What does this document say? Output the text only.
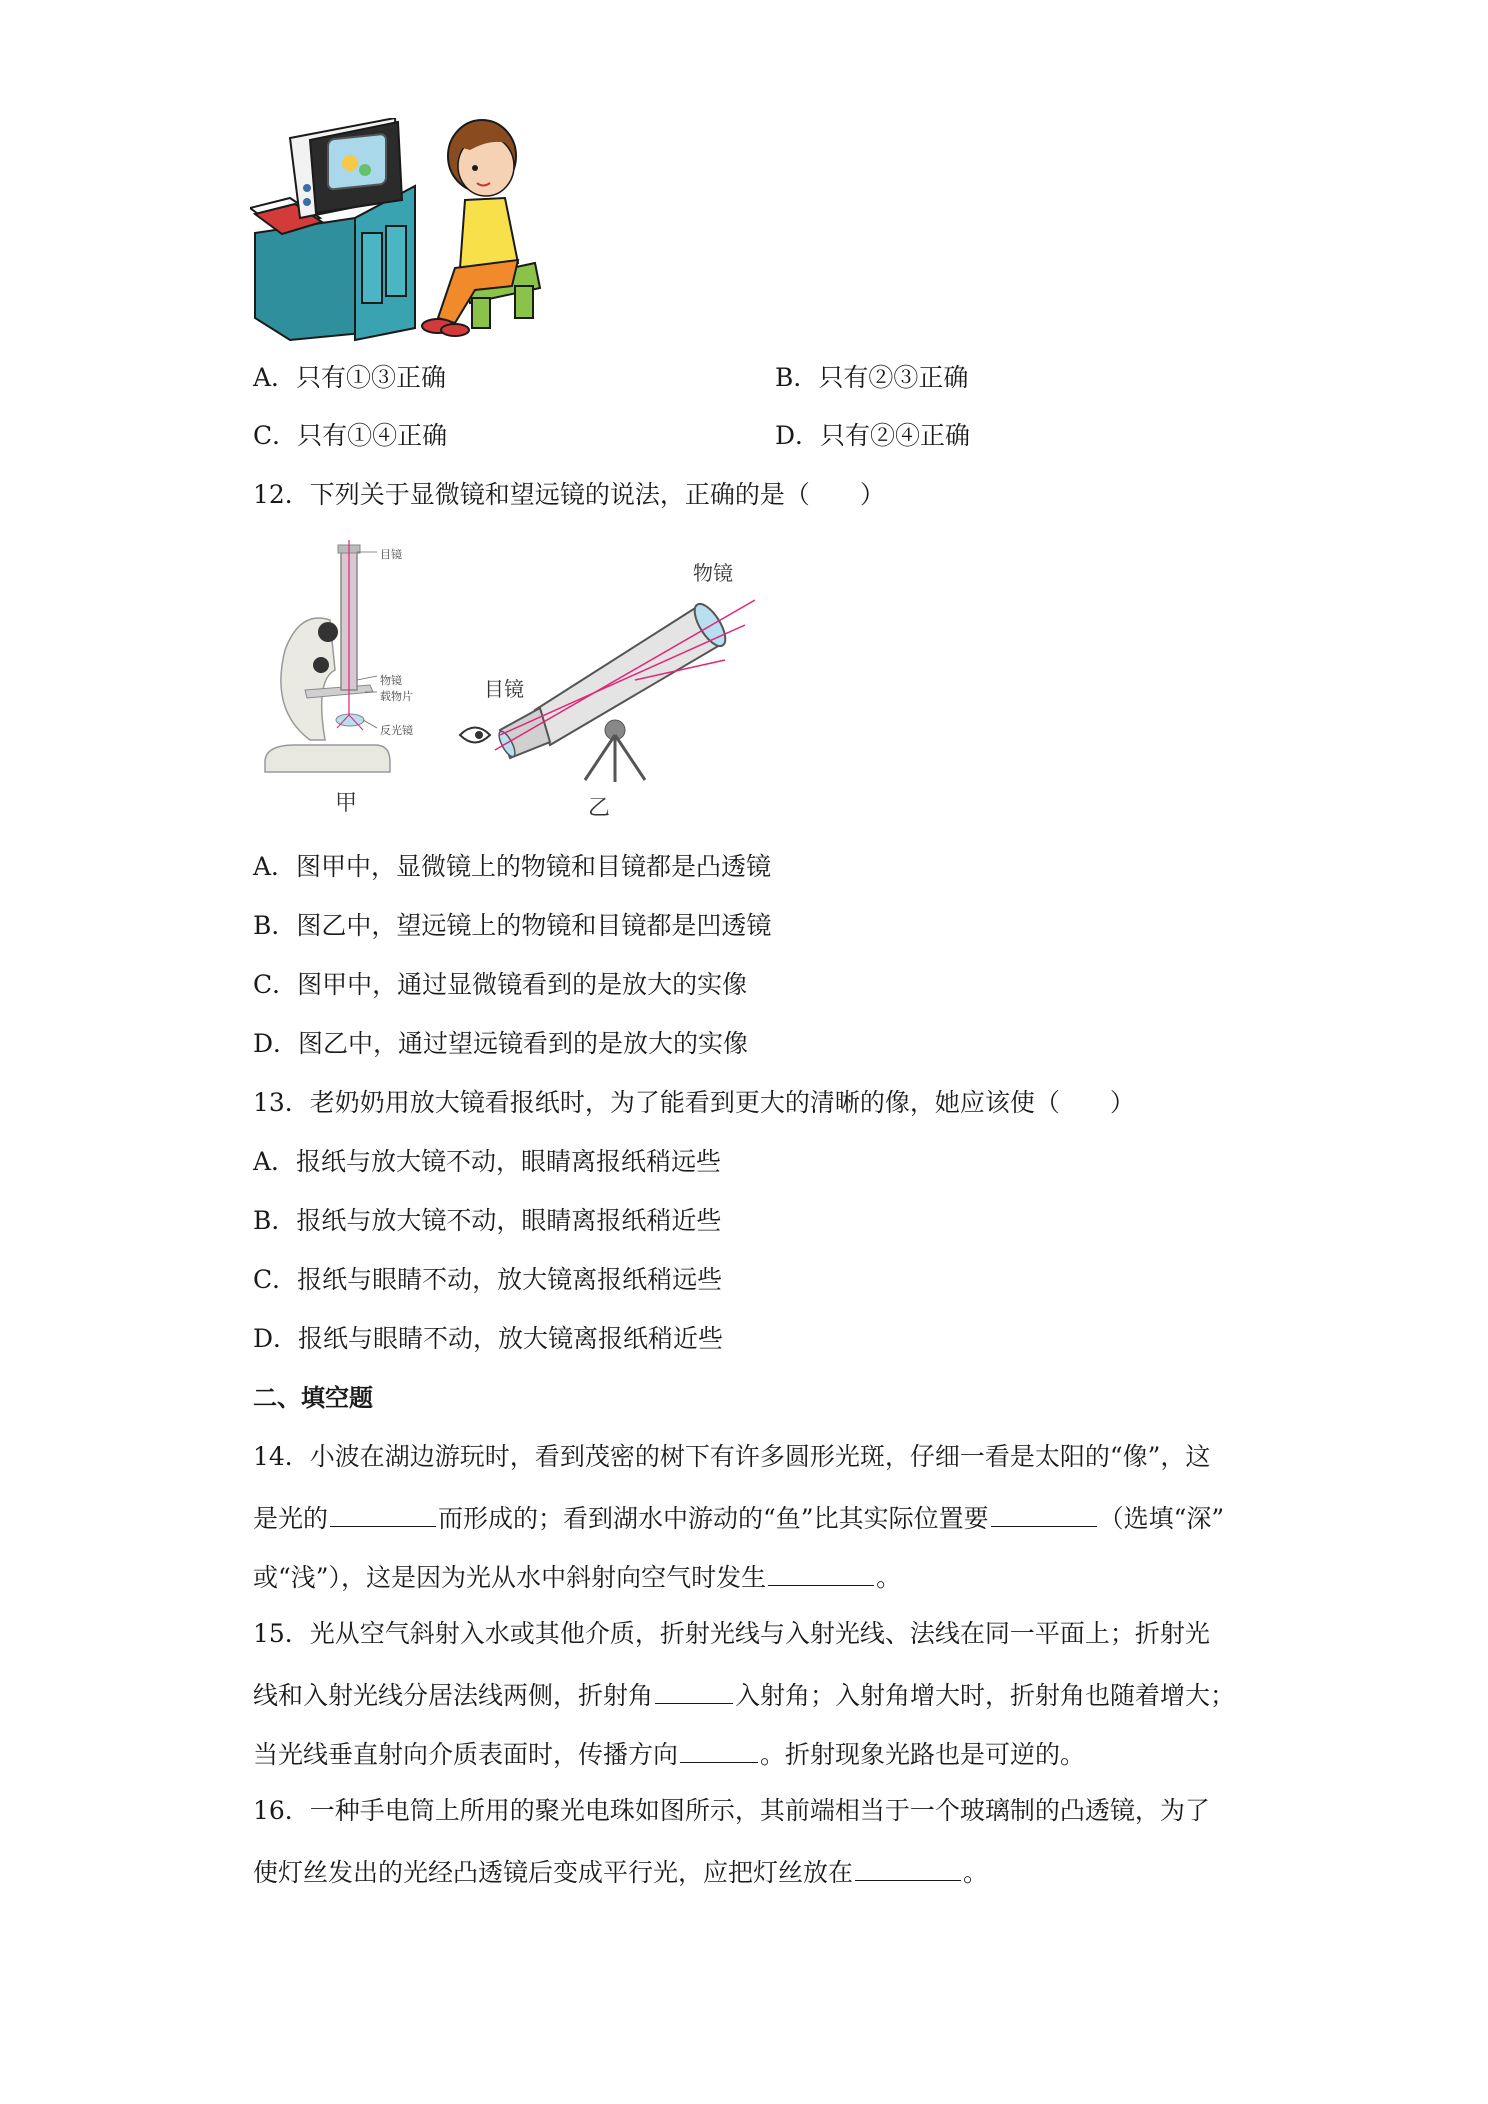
A．只有①③正确	B．只有②③正确
C．只有①④正确	D．只有②④正确
12．下列关于显微镜和望远镜的说法，正确的是（　　）
目镜
物镜
载物片
反光镜
甲
物镜
目镜
乙
A．图甲中，显微镜上的物镜和目镜都是凸透镜
B．图乙中，望远镜上的物镜和目镜都是凹透镜
C．图甲中，通过显微镜看到的是放大的实像
D．图乙中，通过望远镜看到的是放大的实像
13．老奶奶用放大镜看报纸时，为了能看到更大的清晰的像，她应该使（　　）
A．报纸与放大镜不动，眼睛离报纸稍远些
B．报纸与放大镜不动，眼睛离报纸稍近些
C．报纸与眼睛不动，放大镜离报纸稍远些
D．报纸与眼睛不动，放大镜离报纸稍近些
二、填空题
14．小波在湖边游玩时，看到茂密的树下有许多圆形光斑，仔细一看是太阳的“像”，这
是光的	而形成的；看到湖水中游动的“鱼”比其实际位置要	（选填“深”
或“浅”），这是因为光从水中斜射向空气时发生	。
15．光从空气斜射入水或其他介质，折射光线与入射光线、法线在同一平面上；折射光
线和入射光线分居法线两侧，折射角	入射角；入射角增大时，折射角也随着增大；
当光线垂直射向介质表面时，传播方向	。折射现象光路也是可逆的。
16．一种手电筒上所用的聚光电珠如图所示，其前端相当于一个玻璃制的凸透镜，为了
使灯丝发出的光经凸透镜后变成平行光，应把灯丝放在	。
